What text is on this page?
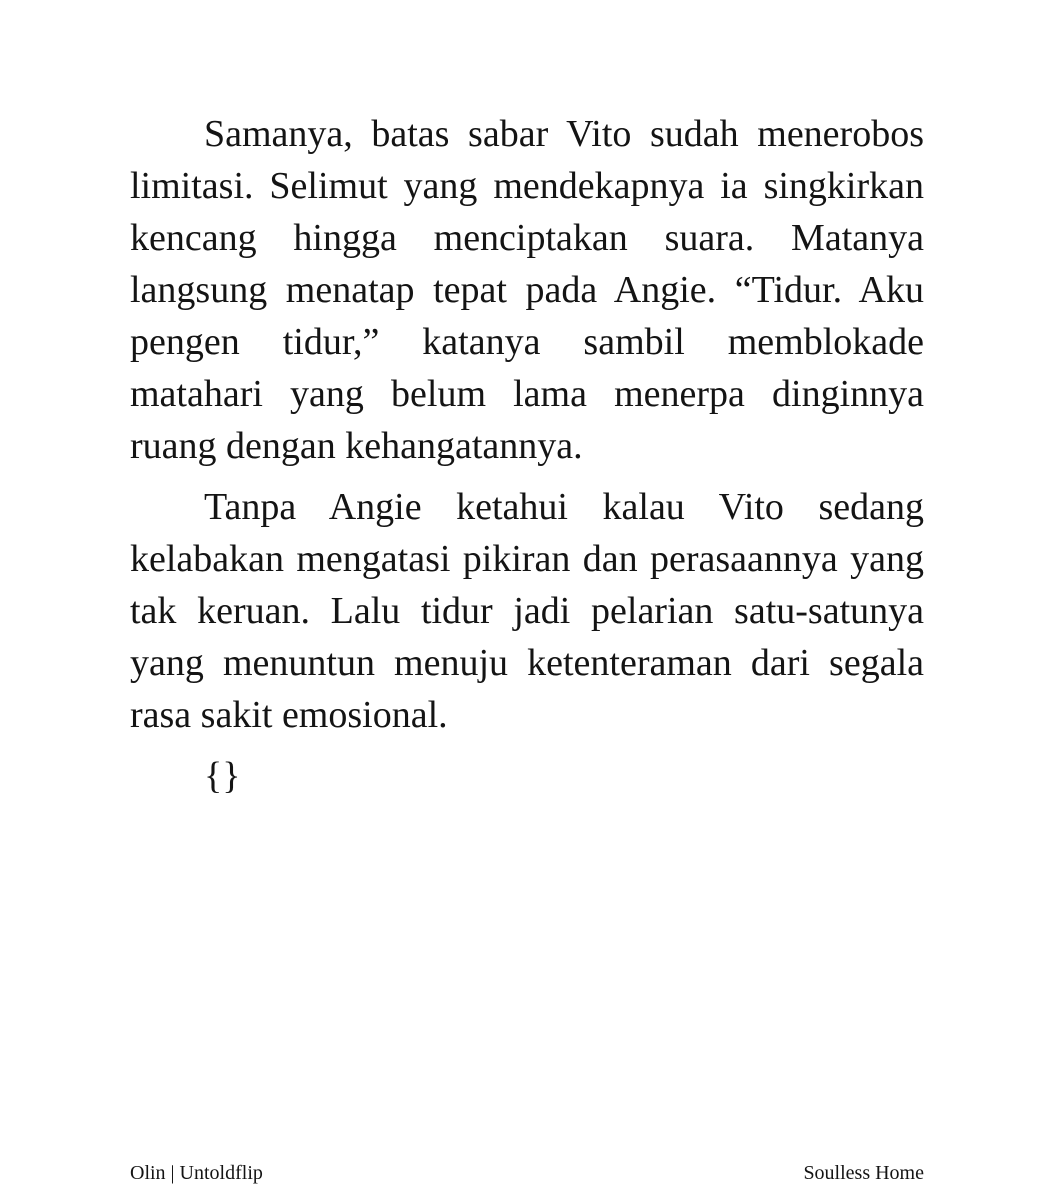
Samanya, batas sabar Vito sudah menerobos limitasi. Selimut yang mendekapnya ia singkirkan kencang hingga menciptakan suara. Matanya langsung menatap tepat pada Angie. “Tidur. Aku pengen tidur,” katanya sambil memblokade matahari yang belum lama menerpa dinginnya ruang dengan kehangatannya.

Tanpa Angie ketahui kalau Vito sedang kelabakan mengatasi pikiran dan perasaannya yang tak keruan. Lalu tidur jadi pelarian satu-satunya yang menuntun menuju ketenteraman dari segala rasa sakit emosional.

{}

Olin | Untoldflip	Soulless Home
